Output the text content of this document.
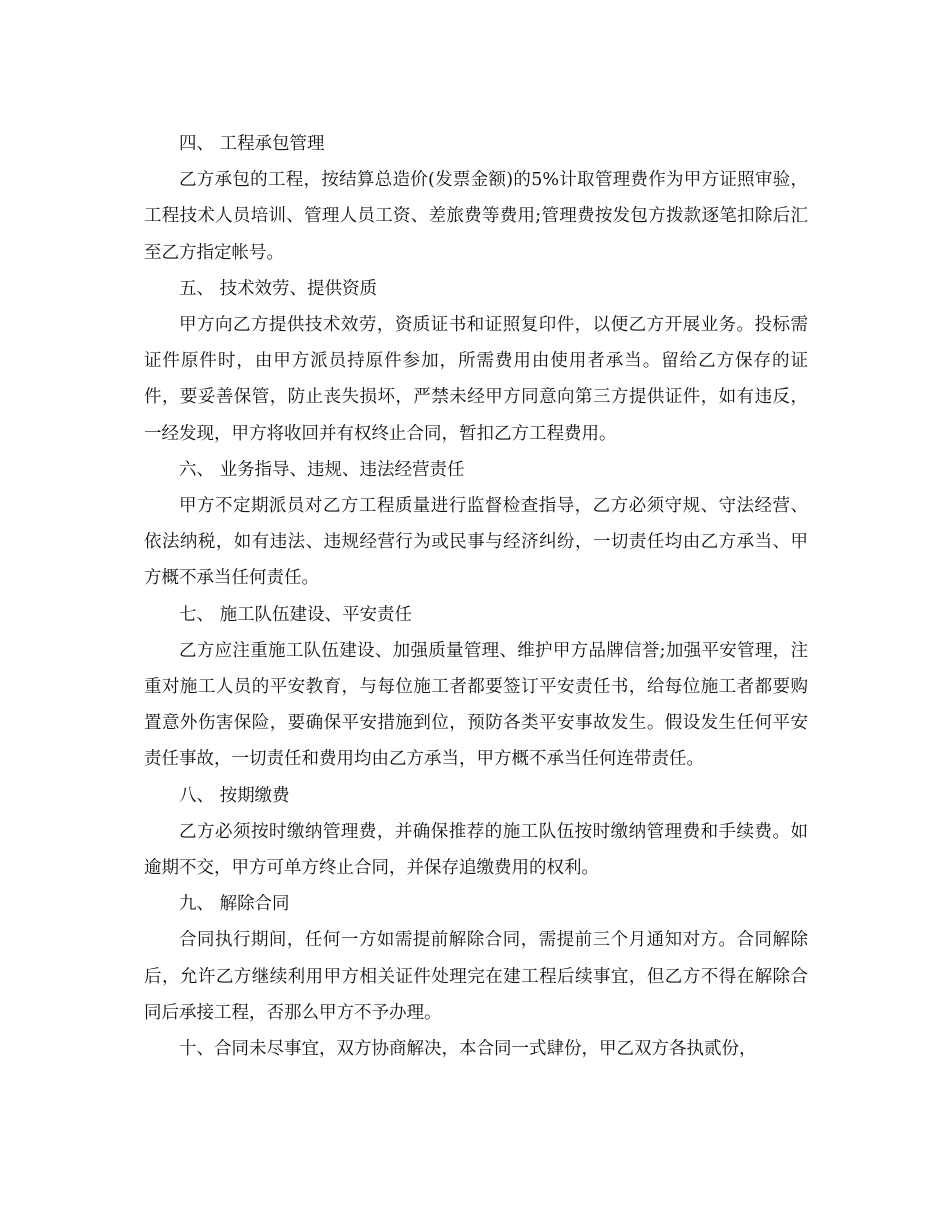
四、 工程承包管理

乙方承包的工程，按结算总造价(发票金额)的5%计取管理费作为甲方证照审验，工程技术人员培训、管理人员工资、差旅费等费用;管理费按发包方拨款逐笔扣除后汇至乙方指定帐号。

五、 技术效劳、提供资质

甲方向乙方提供技术效劳，资质证书和证照复印件，以便乙方开展业务。投标需证件原件时，由甲方派员持原件参加，所需费用由使用者承当。留给乙方保存的证件，要妥善保管，防止丧失损坏，严禁未经甲方同意向第三方提供证件，如有违反，一经发现，甲方将收回并有权终止合同，暂扣乙方工程费用。

六、 业务指导、违规、违法经营责任

甲方不定期派员对乙方工程质量进行监督检查指导，乙方必须守规、守法经营、依法纳税，如有违法、违规经营行为或民事与经济纠纷，一切责任均由乙方承当、甲方概不承当任何责任。

七、 施工队伍建设、平安责任

乙方应注重施工队伍建设、加强质量管理、维护甲方品牌信誉;加强平安管理，注重对施工人员的平安教育，与每位施工者都要签订平安责任书，给每位施工者都要购置意外伤害保险，要确保平安措施到位，预防各类平安事故发生。假设发生任何平安责任事故，一切责任和费用均由乙方承当，甲方概不承当任何连带责任。

八、 按期缴费

乙方必须按时缴纳管理费，并确保推荐的施工队伍按时缴纳管理费和手续费。如逾期不交，甲方可单方终止合同，并保存追缴费用的权利。

九、 解除合同

合同执行期间，任何一方如需提前解除合同，需提前三个月通知对方。合同解除后，允许乙方继续利用甲方相关证件处理完在建工程后续事宜，但乙方不得在解除合同后承接工程，否那么甲方不予办理。

十、合同未尽事宜，双方协商解决，本合同一式肆份，甲乙双方各执贰份，
